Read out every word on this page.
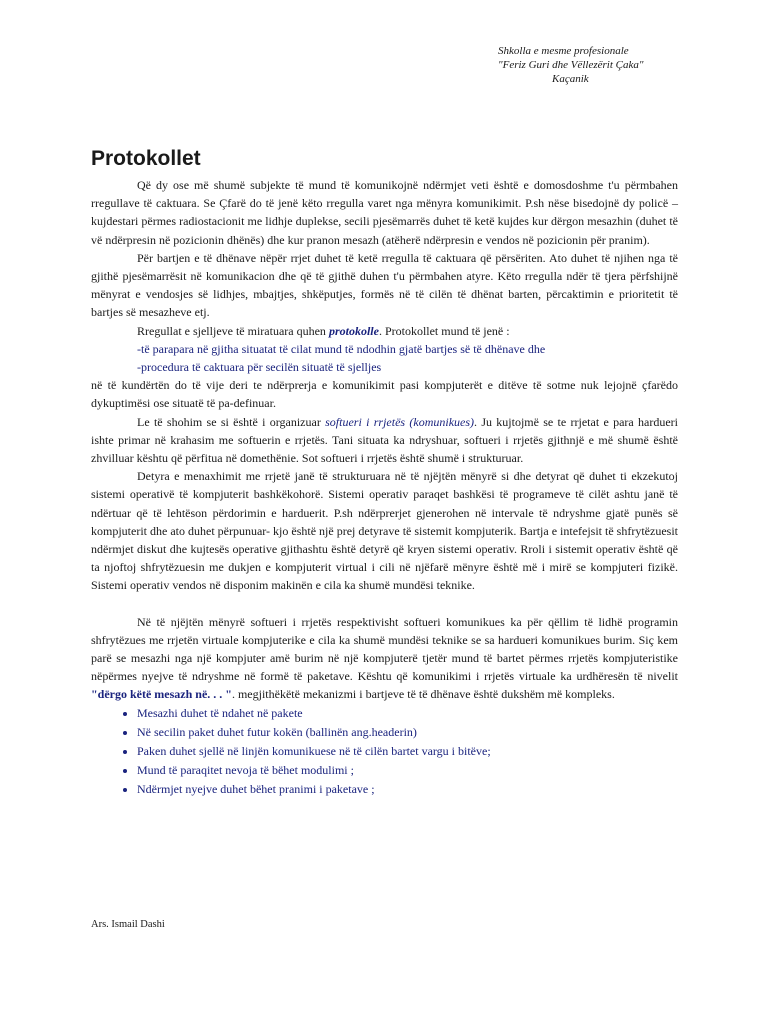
Shkolla e mesme profesionale
"Feriz Guri dhe Vëllezërit Çaka"
Kaçanik
Protokollet

Që dy ose më shumë subjekte të mund të komunikojnë ndërmjet veti është e domosdoshme t'u përmbahen rregullave të caktuara. Se Çfarë do të jenë këto rregulla varet nga mënyra komunikimit. P.sh nëse bisedojnë dy policë – kujdestari përmes radiostacionit me lidhje duplekse, secili pjesëmarrës duhet të ketë kujdes kur dërgon mesazhin (duhet të vë ndërpresin në pozicionin dhënës) dhe kur pranon mesazh (atëherë ndërpresin e vendos në pozicionin për pranim).

Për bartjen e të dhënave nëpër rrjet duhet të ketë rregulla të caktuara që përsëriten. Ato duhet të njihen nga të gjithë pjesëmarrësit në komunikacion dhe që të gjithë duhen t'u përmbahen atyre. Këto rregulla ndër të tjera përfshijnë mënyrat e vendosjes së lidhjes, mbajtjes, shkëputjes, formës në të cilën të dhënat barten, përcaktimin e prioritetit të bartjes së mesazheve etj.

Rregullat e sjelljeve të miratuara quhen protokolle. Protokollet mund të jenë :

-të parapara në gjitha situatat të cilat mund të ndodhin gjatë bartjes së të dhënave dhe

-procedura të caktuara për secilën situatë të sjelljes

në të kundërtën do të vije deri te ndërprerja e komunikimit pasi kompjuterët e ditëve të sotme nuk lejojnë çfarëdo dykuptimësi ose situatë të pa-definuar.

Le të shohim se si është i organizuar softueri i rrjetës (komunikues). Ju kujtojmë se te rrjetat e para hardueri ishte primar në krahasim me softuerin e rrjetës. Tani situata ka ndryshuar, softueri i rrjetës gjithnjë e më shumë është zhvilluar kështu që përfitua në domethënie. Sot softueri i rrjetës është shumë i strukturuar.

Detyra e menaxhimit me rrjetë janë të strukturuara në të njëjtën mënyrë si dhe detyrat që duhet ti ekzekutoj sistemi operativë të kompjuterit bashkëkohorë. Sistemi operativ paraqet bashkësi të programeve të cilët ashtu janë të ndërtuar që të lehtëson përdorimin e harduerit. P.sh ndërprerjet gjenerohen në intervale të ndryshme gjatë punës së kompjuterit dhe ato duhet përpunuar- kjo është një prej detyrave të sistemit kompjuterik. Bartja e intefejsit të shfrytëzuesit ndërmjet diskut dhe kujtesës operative gjithashtu është detyrë që kryen sistemi operativ. Rroli i sistemit operativ është që ta njoftoj shfrytëzuesin me dukjen e kompjuterit virtual i cili në njëfarë mënyre është më i mirë se kompjuteri fizikë. Sistemi operativ vendos në disponim makinën e cila ka shumë mundësi teknike.

Në të njëjtën mënyrë softueri i rrjetës respektivisht softueri komunikues ka për qëllim të lidhë programin shfrytëzues me rrjetën virtuale kompjuterike e cila ka shumë mundësi teknike se sa hardueri komunikues burim. Siç kem parë se mesazhi nga një kompjuter amë burim në një kompjuterë tjetër mund të bartet përmes rrjetës kompjuteristike nëpërmes nyejve të ndryshme në formë të paketave. Kështu që komunikimi i rrjetës virtuale ka urdhëresën të nivelit "dërgo këtë mesazh në. . . ". megjithëkëtë mekanizmi i bartjeve të të dhënave është dukshëm më kompleks.

• Mesazhi duhet të ndahet në pakete
• Në secilin paket duhet futur kokën (ballinën ang.headerin)
• Paken duhet sjellë në linjën komunikuese në të cilën bartet vargu i bitëve;
• Mund të paraqitet nevoja të bëhet modulimi ;
• Ndërmjet nyejve duhet bëhet pranimi i paketave ;
Ars. Ismail Dashi
